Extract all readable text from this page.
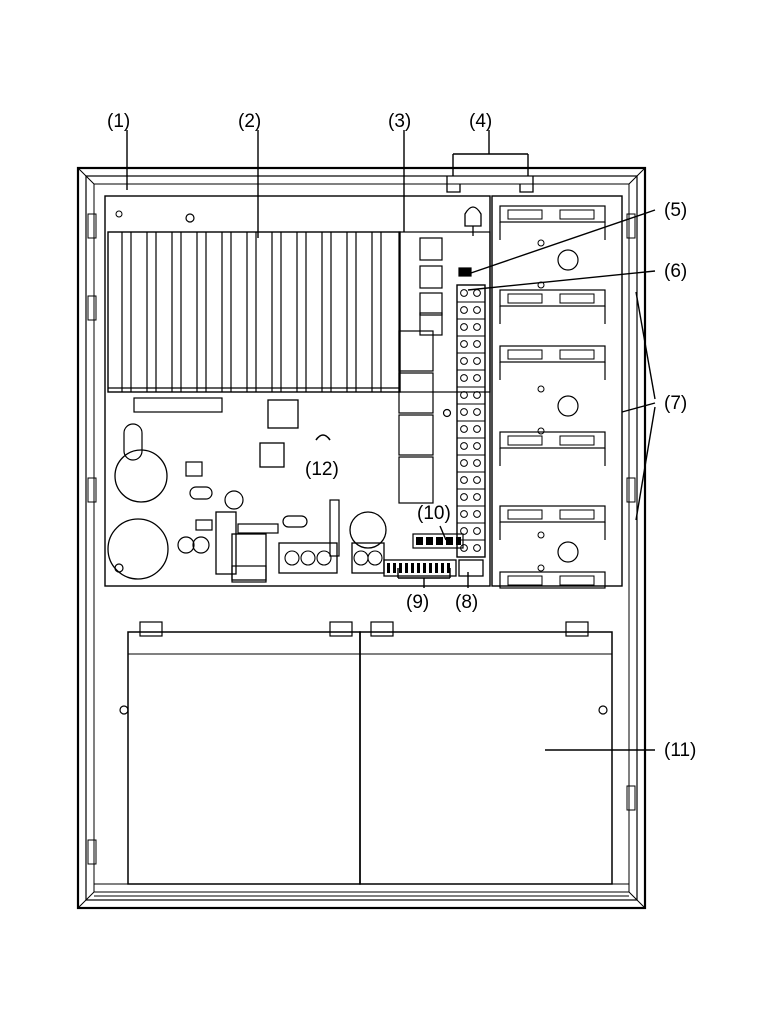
(1)	(2)	(3)	(4)
(5)
(6)
(7)
(8)
(9)
(10)
(11)
(12)
